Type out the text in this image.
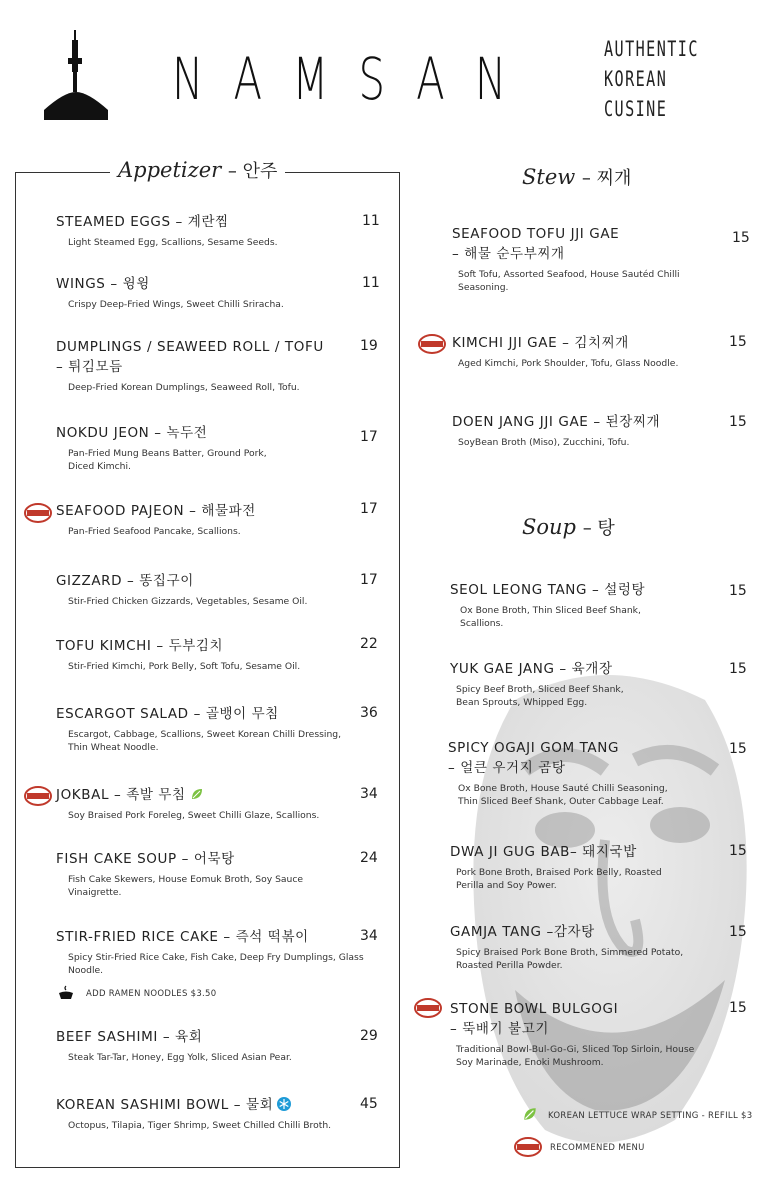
NAMSAN	AUTHENTIC
KOREAN
CUSINE
Appetizer – 안주
STEAMED EGGS – 계란찜
Light Steamed Egg, Scallions, Sesame Seeds.
11
WINGS – 윙윙
Crispy Deep-Fried Wings, Sweet Chilli Sriracha.
11
DUMPLINGS / SEAWEED ROLL / TOFU
– 튀김모듬
Deep-Fried Korean Dumplings, Seaweed Roll, Tofu.
19
NOKDU JEON – 녹두전
Pan-Fried Mung Beans Batter, Ground Pork,
Diced Kimchi.
17
SEAFOOD PAJEON – 해물파전
Pan-Fried Seafood Pancake, Scallions.
17
GIZZARD – 똥집구이
Stir-Fried Chicken Gizzards, Vegetables, Sesame Oil.
17
TOFU KIMCHI – 두부김치
Stir-Fried Kimchi, Pork Belly, Soft Tofu, Sesame Oil.
22
ESCARGOT SALAD – 골뱅이 무침
Escargot, Cabbage, Scallions, Sweet Korean Chilli Dressing,
Thin Wheat Noodle.
36
JOKBAL – 족발 무침
Soy Braised Pork Foreleg, Sweet Chilli Glaze, Scallions.
34
FISH CAKE SOUP – 어묵탕
Fish Cake Skewers, House Eomuk Broth, Soy Sauce
Vinaigrette.
24
STIR-FRIED RICE CAKE – 즉석 떡볶이
Spicy Stir-Fried Rice Cake, Fish Cake, Deep Fry Dumplings, Glass
Noodle.
34
ADD RAMEN NOODLES $3.50
BEEF SASHIMI – 육회
Steak Tar-Tar, Honey, Egg Yolk, Sliced Asian Pear.
29
KOREAN SASHIMI BOWL – 물회
Octopus, Tilapia, Tiger Shrimp, Sweet Chilled Chilli Broth.
45
Stew – 찌개
SEAFOOD TOFU JJI GAE
– 해물 순두부찌개
Soft Tofu, Assorted Seafood, House Sautéd Chilli
Seasoning.
15
KIMCHI JJI GAE – 김치찌개
Aged Kimchi, Pork Shoulder, Tofu, Glass Noodle.
15
DOEN JANG JJI GAE – 된장찌개
SoyBean Broth (Miso), Zucchini, Tofu.
15
Soup – 탕
SEOL LEONG TANG – 설렁탕
Ox Bone Broth, Thin Sliced Beef Shank,
Scallions.
15
YUK GAE JANG – 육개장
Spicy Beef Broth, Sliced Beef Shank,
Bean Sprouts, Whipped Egg.
15
SPICY OGAJI GOM TANG
– 얼큰 우거지 곰탕
Ox Bone Broth, House Sauté Chilli Seasoning,
Thin Sliced Beef Shank, Outer Cabbage Leaf.
15
DWA JI GUG BAB– 돼지국밥
Pork Bone Broth, Braised Pork Belly, Roasted
Perilla and Soy Power.
15
GAMJA TANG –감자탕
Spicy Braised Pork Bone Broth, Simmered Potato,
Roasted Perilla Powder.
15
STONE BOWL BULGOGI
– 뚝배기 불고기
Traditional Bowl-Bul-Go-Gi, Sliced Top Sirloin, House
Soy Marinade, Enoki Mushroom.
15
KOREAN LETTUCE WRAP SETTING - REFILL $3
RECOMMENED MENU
